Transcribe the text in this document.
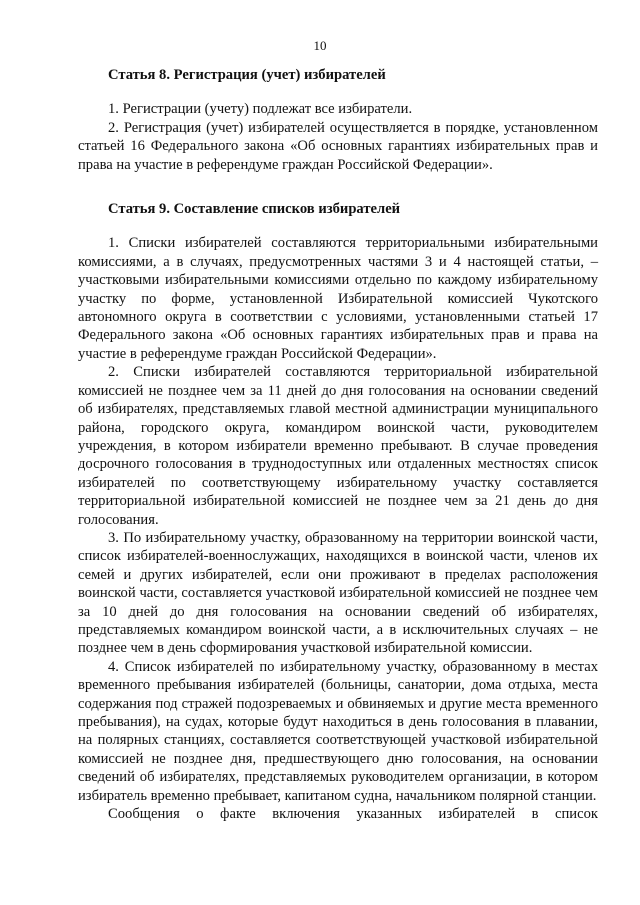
10

Статья 8. Регистрация (учет) избирателей

1. Регистрации (учету) подлежат все избиратели.

2. Регистрация (учет) избирателей осуществляется в порядке, установленном статьей 16 Федерального закона «Об основных гарантиях избирательных прав и права на участие в референдуме граждан Российской Федерации».

Статья 9. Составление списков избирателей

1. Списки избирателей составляются территориальными избирательными комиссиями, а в случаях, предусмотренных частями 3 и 4 настоящей статьи, – участковыми избирательными комиссиями отдельно по каждому избирательному участку по форме, установленной Избирательной комиссией Чукотского автономного округа в соответствии с условиями, установленными статьей 17 Федерального закона «Об основных гарантиях избирательных прав и права на участие в референдуме граждан Российской Федерации».

2. Списки избирателей составляются территориальной избирательной комиссией не позднее чем за 11 дней до дня голосования на основании сведений об избирателях, представляемых главой местной администрации муниципального района, городского округа, командиром воинской части, руководителем учреждения, в котором избиратели временно пребывают. В случае проведения досрочного голосования в труднодоступных или отдаленных местностях список избирателей по соответствующему избирательному участку составляется территориальной избирательной комиссией не позднее чем за 21 день до дня голосования.

3. По избирательному участку, образованному на территории воинской части, список избирателей-военнослужащих, находящихся в воинской части, членов их семей и других избирателей, если они проживают в пределах расположения воинской части, составляется участковой избирательной комиссией не позднее чем за 10 дней до дня голосования на основании сведений об избирателях, представляемых командиром воинской части, а в исключительных случаях – не позднее чем в день сформирования участковой избирательной комиссии.

4. Список избирателей по избирательному участку, образованному в местах временного пребывания избирателей (больницы, санатории, дома отдыха, места содержания под стражей подозреваемых и обвиняемых и другие места временного пребывания), на судах, которые будут находиться в день голосования в плавании, на полярных станциях, составляется соответствующей участковой избирательной комиссией не позднее дня, предшествующего дню голосования, на основании сведений об избирателях, представляемых руководителем организации, в котором избиратель временно пребывает, капитаном судна, начальником полярной станции.

Сообщения о факте включения указанных избирателей в список
